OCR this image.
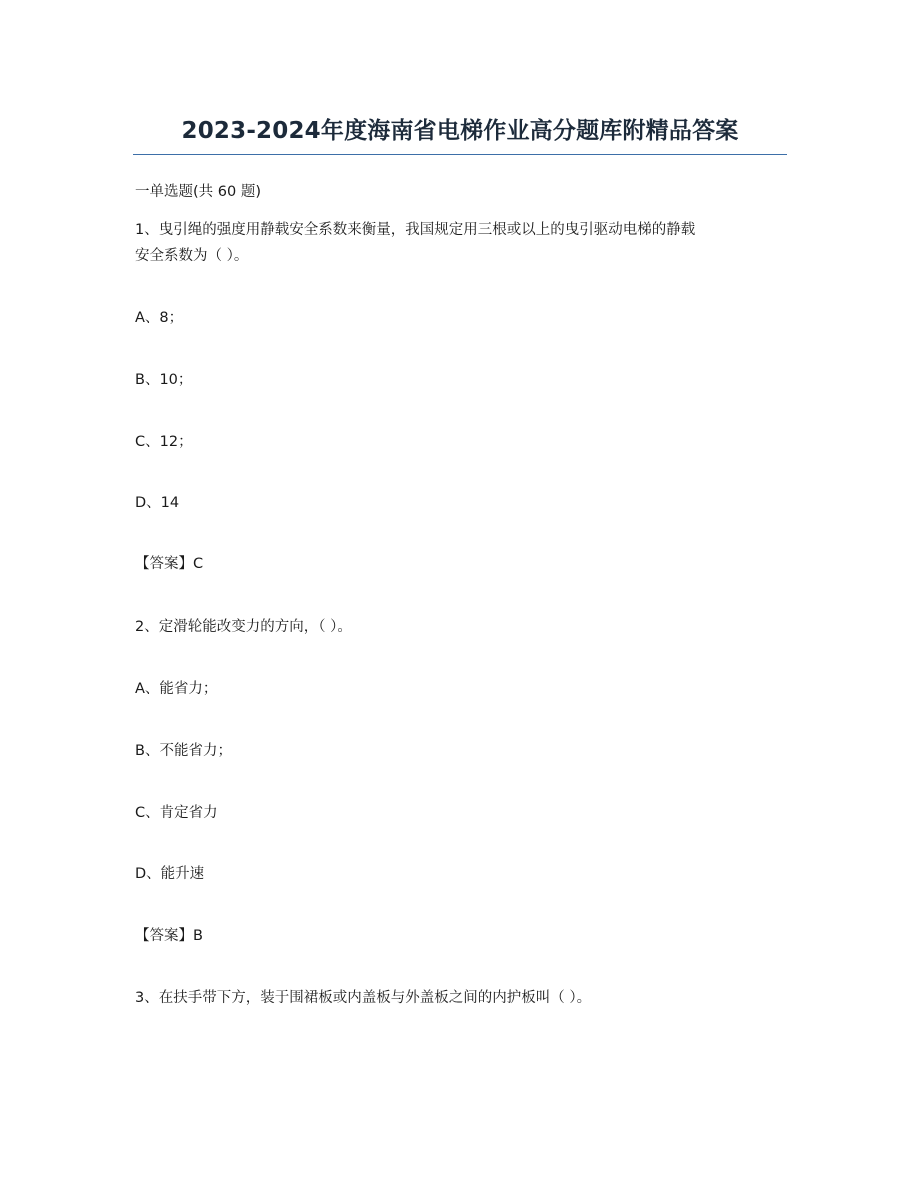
2023-2024年度海南省电梯作业高分题库附精品答案
一单选题(共 60 题)
1、曳引绳的强度用静载安全系数来衡量，我国规定用三根或以上的曳引驱动电梯的静载
安全系数为（ ）。
A、8；
B、10；
C、12；
D、14
【答案】C
2、定滑轮能改变力的方向，（ ）。
A、能省力；
B、不能省力；
C、肯定省力
D、能升速
【答案】B
3、在扶手带下方，装于围裙板或内盖板与外盖板之间的内护板叫（ ）。
